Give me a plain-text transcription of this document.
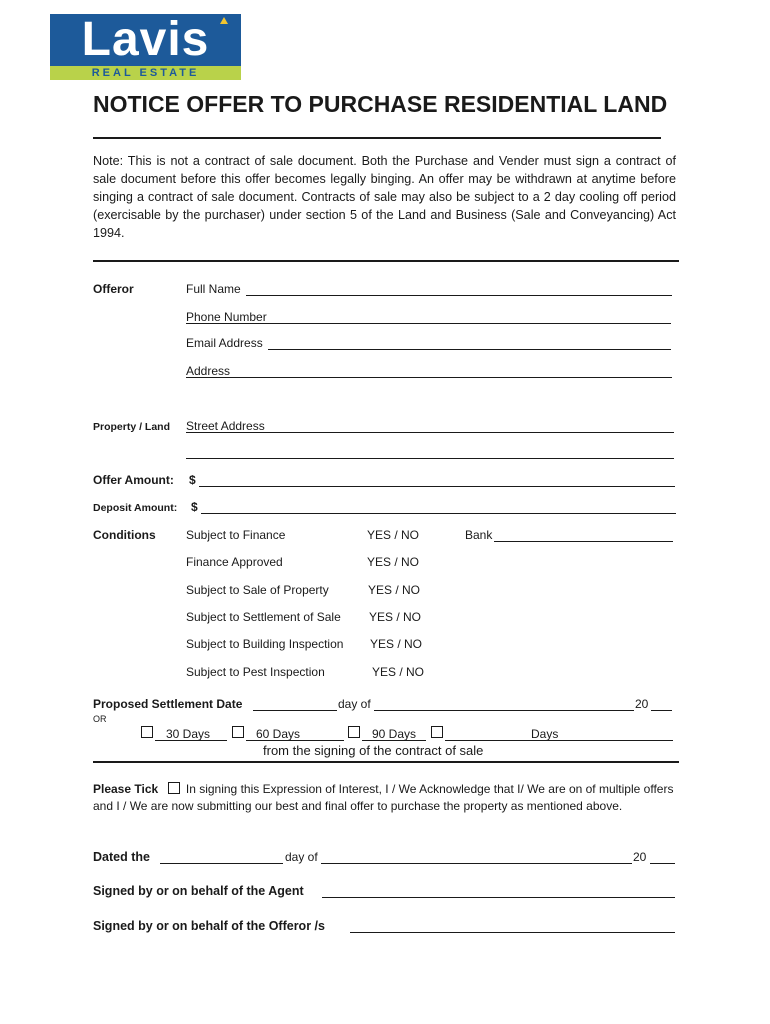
Lavis
REAL ESTATE
NOTICE OFFER TO PURCHASE RESIDENTIAL LAND
Note: This is not a contract of sale document. Both the Purchase and Vender must sign a contract of sale document before this offer becomes legally binging. An offer may be withdrawn at anytime before singing a contract of sale document. Contracts of sale may also be subject to a 2 day cooling off period (exercisable by the purchaser) under section 5 of the Land and Business (Sale and Conveyancing) Act 1994.
Offeror	Full Name
Phone Number
Email Address
Address
Property / Land Street Address
Offer Amount: $
Deposit Amount: $
Conditions	Subject to Finance	YES / NO	Bank
Finance Approved	YES / NO
Subject to Sale of Property	YES / NO
Subject to Settlement of Sale YES / NO
Subject to Building Inspection YES / NO
Subject to Pest Inspection	YES / NO
Proposed Settlement Date	day of	20
OR
30 Days	60 Days	90 Days	Days
from the signing of the contract of sale
Please Tick In signing this Expression of Interest, I / We Acknowledge that I/ We are on of multiple offers and I / We are now submitting our best and final offer to purchase the property as mentioned above.
Dated the	day of	20
Signed by or on behalf of the Agent
Signed by or on behalf of the Offeror /s
